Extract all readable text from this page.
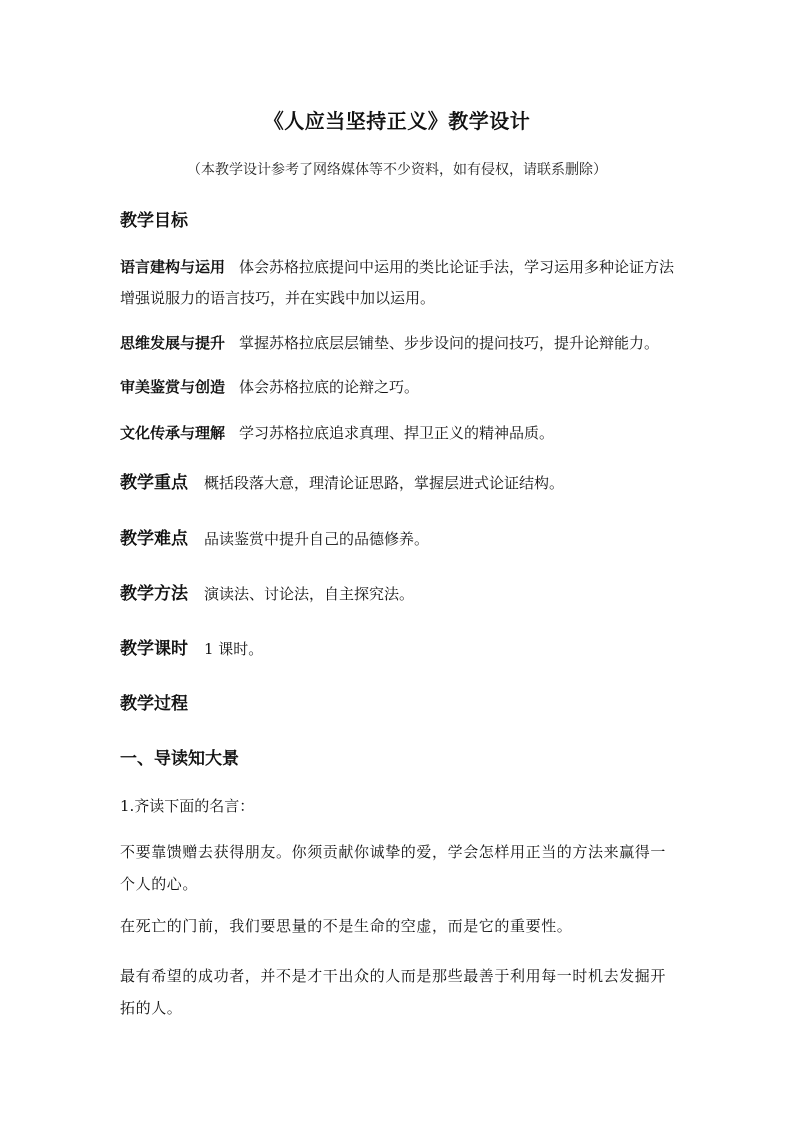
《人应当坚持正义》教学设计
（本教学设计参考了网络媒体等不少资料，如有侵权，请联系删除）
教学目标
语言建构与运用 体会苏格拉底提问中运用的类比论证手法，学习运用多种论证方法增强说服力的语言技巧，并在实践中加以运用。
思维发展与提升 掌握苏格拉底层层铺垫、步步设问的提问技巧，提升论辩能力。
审美鉴赏与创造 体会苏格拉底的论辩之巧。
文化传承与理解 学习苏格拉底追求真理、捍卫正义的精神品质。
教学重点 概括段落大意，理清论证思路，掌握层进式论证结构。
教学难点 品读鉴赏中提升自己的品德修养。
教学方法 演读法、讨论法，自主探究法。
教学课时 1 课时。
教学过程
一、导读知大景
1.齐读下面的名言：
不要靠馈赠去获得朋友。你须贡献你诚挚的爱，学会怎样用正当的方法来赢得一个人的心。
在死亡的门前，我们要思量的不是生命的空虚，而是它的重要性。
最有希望的成功者，并不是才干出众的人而是那些最善于利用每一时机去发掘开拓的人。
